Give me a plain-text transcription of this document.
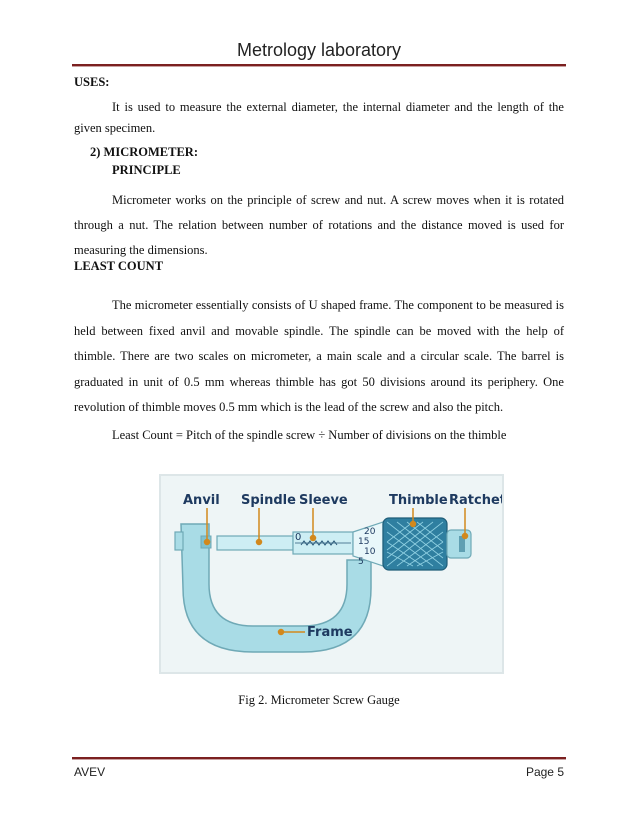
Metrology laboratory
USES:
It is used to measure the external diameter, the internal diameter and the length of the given specimen.
2) MICROMETER:
PRINCIPLE
Micrometer works on the principle of screw and nut. A screw moves when it is rotated through a nut. The relation between number of rotations and the distance moved is used for measuring the dimensions.
LEAST COUNT
The micrometer essentially consists of U shaped frame. The component to be measured is held between fixed anvil and movable spindle. The spindle can be moved with the help of thimble. There are two scales on micrometer, a main scale and a circular scale. The barrel is graduated in unit of 0.5 mm whereas thimble has got 50 divisions around its periphery. One revolution of thimble moves 0.5 mm which is the lead of the screw and also the pitch.
Least Count = Pitch of the spindle screw ÷ Number of divisions on the thimble
0	20
15
10
5
Anvil Spindle Sleeve	Thimble Ratchet
Frame
Fig 2. Micrometer Screw Gauge
AVEV	Page 5
